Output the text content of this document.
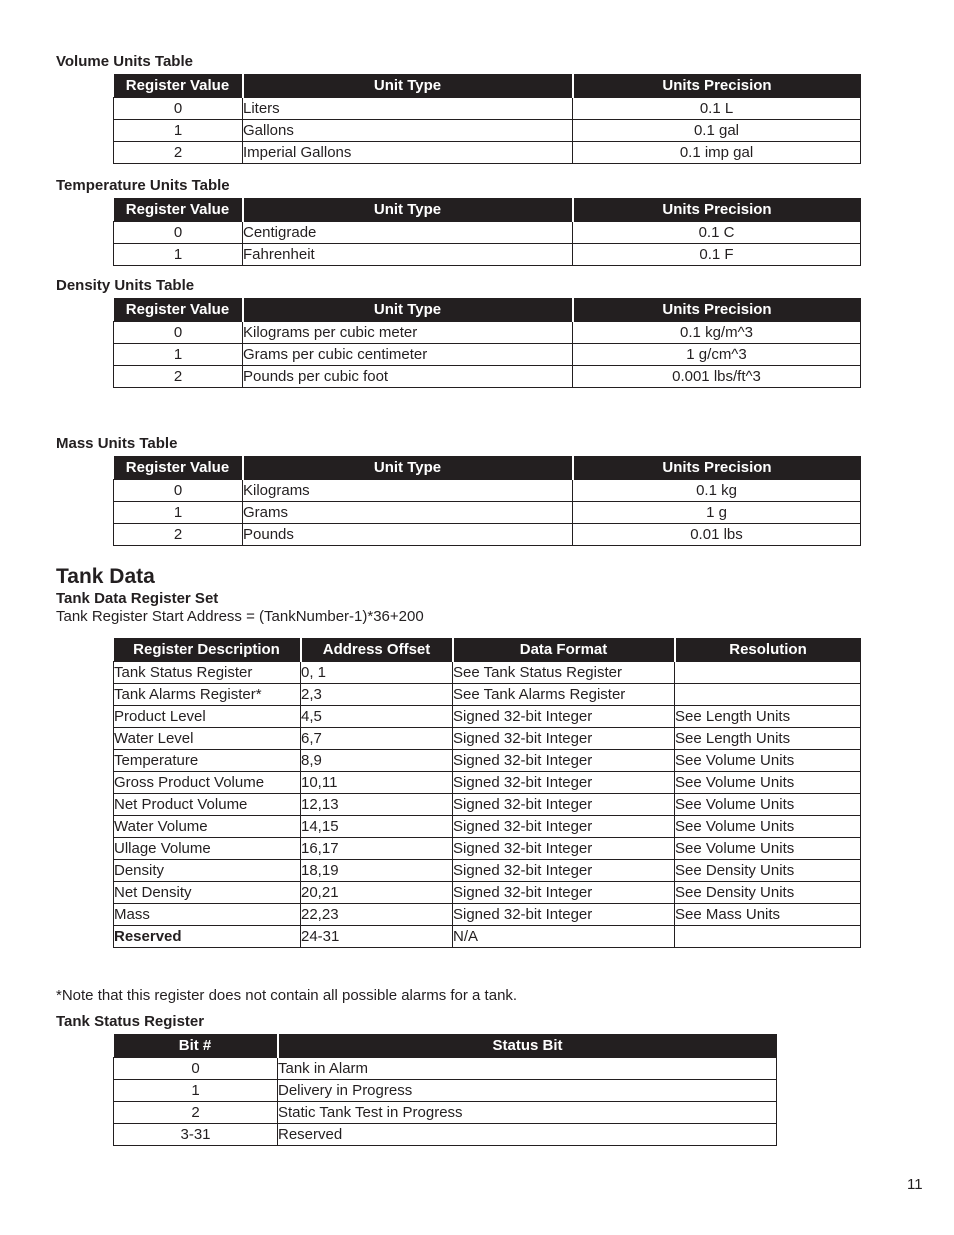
Volume Units Table
Register Value	Unit Type	Units Precision
0	Liters	0.1 L
1	Gallons	0.1 gal
2	Imperial Gallons	0.1 imp gal
Temperature Units Table
Register Value	Unit Type	Units Precision
0	Centigrade	0.1 C
1	Fahrenheit	0.1 F
Density Units Table
Register Value	Unit Type	Units Precision
0	Kilograms per cubic meter	0.1 kg/m^3
1	Grams per cubic centimeter	1 g/cm^3
2	Pounds per cubic foot	0.001 lbs/ft^3
Mass Units Table
Register Value	Unit Type	Units Precision
0	Kilograms	0.1 kg
1	Grams	1 g
2	Pounds	0.01 lbs
Tank Data
Tank Data Register Set
Tank Register Start Address = (TankNumber-1)*36+200
Register Description	Address Offset	Data Format	Resolution
Tank Status Register	0, 1	See Tank Status Register	
Tank Alarms Register*	2,3	See Tank Alarms Register	
Product Level	4,5	Signed 32-bit Integer	See Length Units
Water Level	6,7	Signed 32-bit Integer	See Length Units
Temperature	8,9	Signed 32-bit Integer	See Volume Units
Gross Product Volume	10,11	Signed 32-bit Integer	See Volume Units
Net Product Volume	12,13	Signed 32-bit Integer	See Volume Units
Water Volume	14,15	Signed 32-bit Integer	See Volume Units
Ullage Volume	16,17	Signed 32-bit Integer	See Volume Units
Density	18,19	Signed 32-bit Integer	See Density Units
Net Density	20,21	Signed 32-bit Integer	See Density Units
Mass	22,23	Signed 32-bit Integer	See Mass Units
Reserved	24-31	N/A	
*Note that this register does not contain all possible alarms for a tank.
Tank Status Register
Bit #	Status Bit
0	Tank in Alarm
1	Delivery in Progress
2	Static Tank Test in Progress
3-31	Reserved
11
